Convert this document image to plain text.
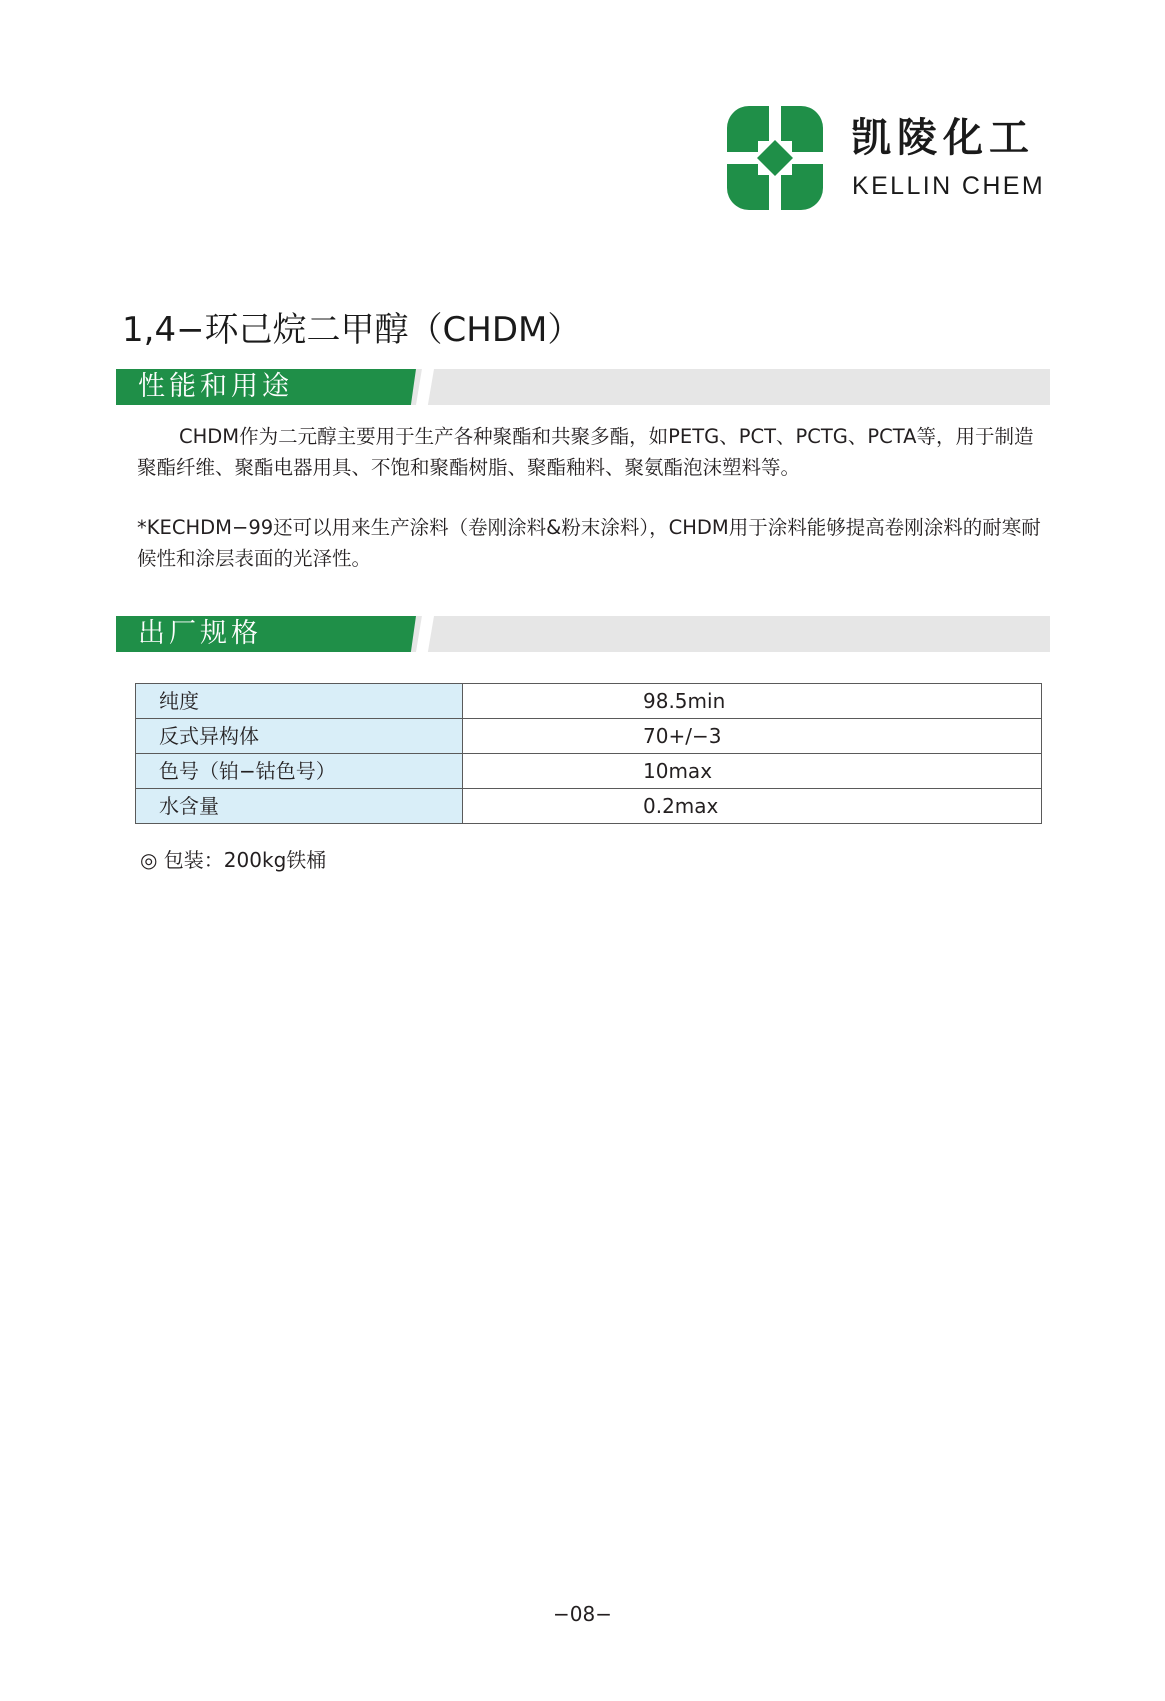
凯陵化工
KELLIN CHEM
1,4−环己烷二甲醇（CHDM）
性能和用途

CHDM作为二元醇主要用于生产各种聚酯和共聚多酯，如PETG、PCT、PCTG、PCTA等，用于制造聚酯纤维、聚酯电器用具、不饱和聚酯树脂、聚酯釉料、聚氨酯泡沫塑料等。

*KECHDM−99还可以用来生产涂料（卷刚涂料&粉末涂料），CHDM用于涂料能够提高卷刚涂料的耐寒耐候性和涂层表面的光泽性。

出厂规格
纯度	98.5min
反式异构体	70+/−3
色号（铂−钴色号）	10max
水含量	0.2max
◎ 包装：200kg铁桶
−08−
